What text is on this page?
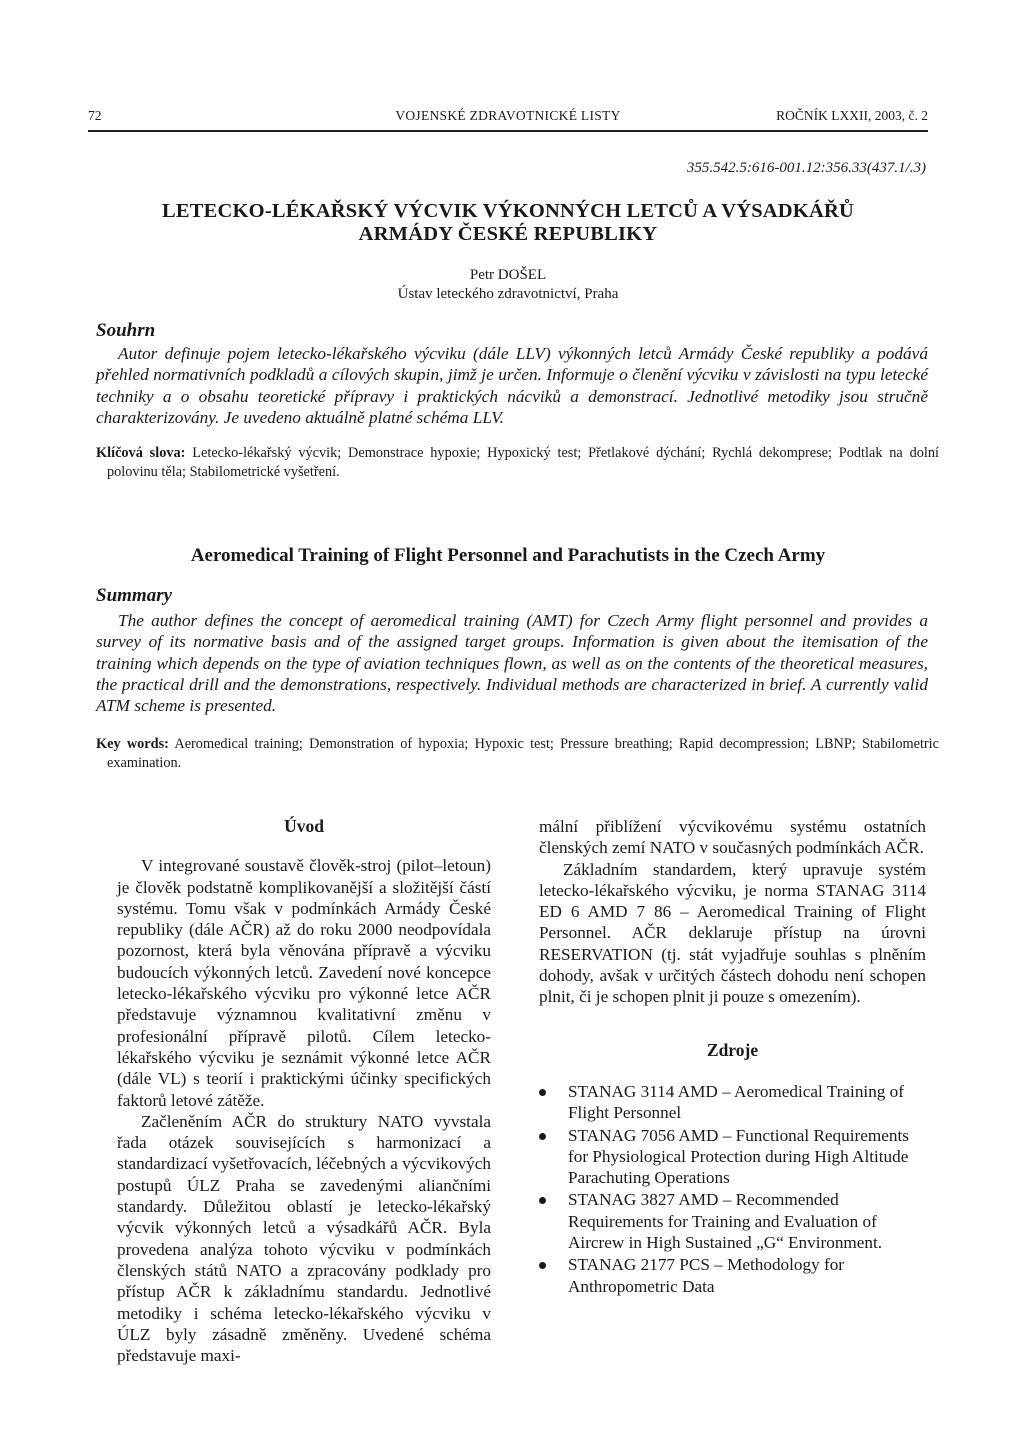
72	VOJENSKÉ ZDRAVOTNICKÉ LISTY	ROČNÍK LXXII, 2003, č. 2
355.542.5:616-001.12:356.33(437.1/.3)
LETECKO-LÉKAŘSKÝ VÝCVIK VÝKONNÝCH LETCŮ A VÝSADKÁŘŮ
ARMÁDY ČESKÉ REPUBLIKY
Petr DOŠEL
Ústav leteckého zdravotnictví, Praha
Souhrn
Autor definuje pojem letecko-lékařského výcviku (dále LLV) výkonných letců Armády České republiky a podává přehled normativních podkladů a cílových skupin, jimž je určen. Informuje o členění výcviku v závislosti na typu letecké techniky a o obsahu teoretické přípravy i praktických nácviků a demonstrací. Jednotlivé metodiky jsou stručně charakterizovány. Je uvedeno aktuálně platné schéma LLV.
Klíčová slova: Letecko-lékařský výcvik; Demonstrace hypoxie; Hypoxický test; Přetlakové dýchání; Rychlá dekomprese; Podtlak na dolní polovinu těla; Stabilometrické vyšetření.
Aeromedical Training of Flight Personnel and Parachutists in the Czech Army
Summary
The author defines the concept of aeromedical training (AMT) for Czech Army flight personnel and provides a survey of its normative basis and of the assigned target groups. Information is given about the itemisation of the training which depends on the type of aviation techniques flown, as well as on the contents of the theoretical measures, the practical drill and the demonstrations, respectively. Individual methods are characterized in brief. A currently valid ATM scheme is presented.
Key words: Aeromedical training; Demonstration of hypoxia; Hypoxic test; Pressure breathing; Rapid decompression; LBNP; Stabilometric examination.
Úvod

V integrované soustavě člověk-stroj (pilot–letoun) je člověk podstatně komplikovanější a složitější částí systému. Tomu však v podmínkách Armády České republiky (dále AČR) až do roku 2000 neodpovídala pozornost, která byla věnována přípravě a výcviku budoucích výkonných letců. Zavedení nové koncepce letecko-lékařského výcviku pro výkonné letce AČR představuje významnou kvalitativní změnu v profesionální přípravě pilotů. Cílem letecko-lékařského výcviku je seznámit výkonné letce AČR (dále VL) s teorií i praktickými účinky specifických faktorů letové zátěže.

Začleněním AČR do struktury NATO vyvstala řada otázek souvisejících s harmonizací a standardizací vyšetřovacích, léčebných a výcvikových postupů ÚLZ Praha se zavedenými aliančními standardy. Důležitou oblastí je letecko-lékařský výcvik výkonných letců a výsadkářů AČR. Byla provedena analýza tohoto výcviku v podmínkách členských států NATO a zpracovány podklady pro přístup AČR k základnímu standardu. Jednotlivé metodiky i schéma letecko-lékařského výcviku v ÚLZ byly zásadně změněny. Uvedené schéma představuje maxi-

mální přiblížení výcvikovému systému ostatních členských zemí NATO v současných podmínkách AČR.

Základním standardem, který upravuje systém letecko-lékařského výcviku, je norma STANAG 3114 ED 6 AMD 7 86 – Aeromedical Training of Flight Personnel. AČR deklaruje přístup na úrovni RESERVATION (tj. stát vyjadřuje souhlas s plněním dohody, avšak v určitých částech dohodu není schopen plnit, či je schopen plnit ji pouze s omezením).

Zdroje
STANAG 3114 AMD – Aeromedical Training of Flight Personnel
STANAG 7056 AMD – Functional Requirements for Physiological Protection during High Altitude Parachuting Operations
STANAG 3827 AMD – Recommended Requirements for Training and Evaluation of Aircrew in High Sustained „G“ Environment.
STANAG 2177 PCS – Methodology for Anthropometric Data
